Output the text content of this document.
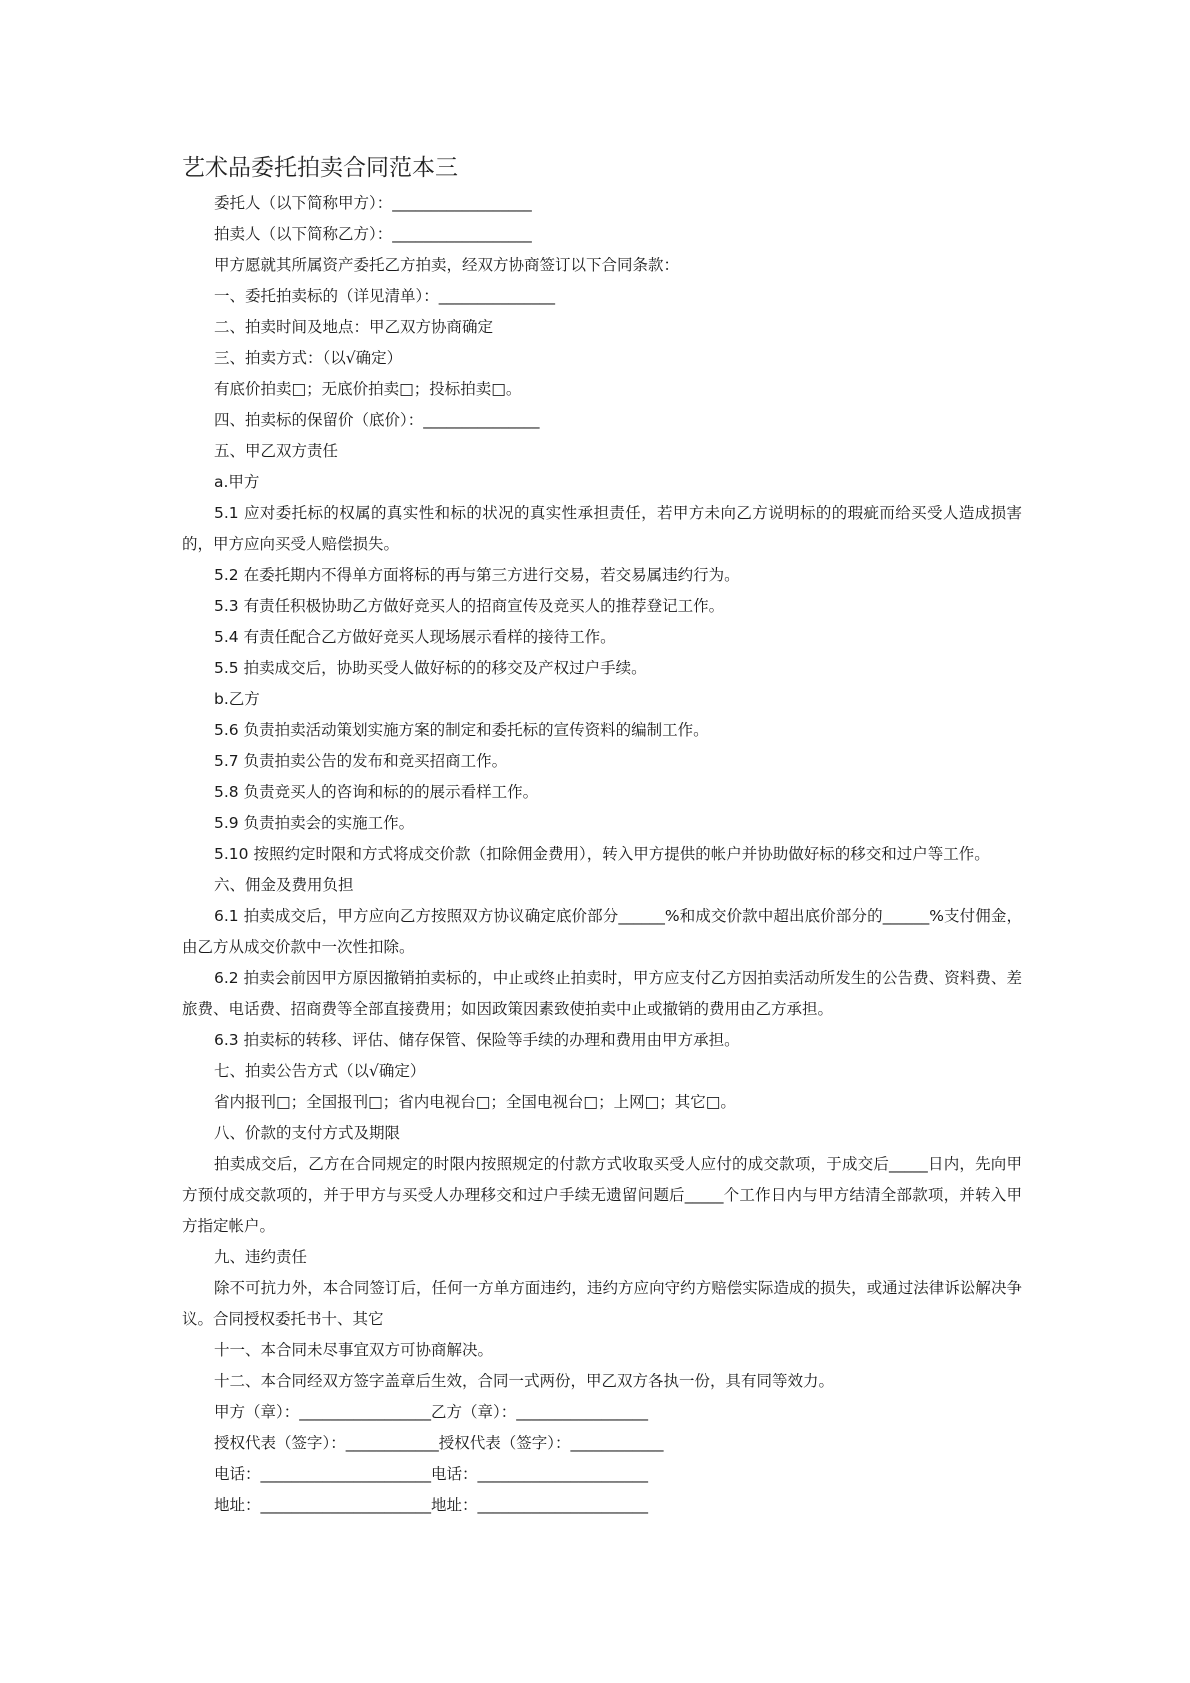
艺术品委托拍卖合同范本三

委托人（以下简称甲方）：__________________

拍卖人（以下简称乙方）：__________________

甲方愿就其所属资产委托乙方拍卖，经双方协商签订以下合同条款：

一、委托拍卖标的（详见清单）：_______________

二、拍卖时间及地点：甲乙双方协商确定

三、拍卖方式：（以√确定）

有底价拍卖□；无底价拍卖□；投标拍卖□。

四、拍卖标的保留价（底价）：_______________

五、甲乙双方责任

a.甲方

5.1 应对委托标的权属的真实性和标的状况的真实性承担责任，若甲方未向乙方说明标的的瑕疵而给买受人造成损害的，甲方应向买受人赔偿损失。

5.2 在委托期内不得单方面将标的再与第三方进行交易，若交易属违约行为。

5.3 有责任积极协助乙方做好竞买人的招商宣传及竞买人的推荐登记工作。

5.4 有责任配合乙方做好竞买人现场展示看样的接待工作。

5.5 拍卖成交后，协助买受人做好标的的移交及产权过户手续。

b.乙方

5.6 负责拍卖活动策划实施方案的制定和委托标的宣传资料的编制工作。

5.7 负责拍卖公告的发布和竞买招商工作。

5.8 负责竞买人的咨询和标的的展示看样工作。

5.9 负责拍卖会的实施工作。

5.10 按照约定时限和方式将成交价款（扣除佣金费用），转入甲方提供的帐户并协助做好标的移交和过户等工作。

六、佣金及费用负担

6.1 拍卖成交后，甲方应向乙方按照双方协议确定底价部分______%和成交价款中超出底价部分的______%支付佣金，由乙方从成交价款中一次性扣除。

6.2 拍卖会前因甲方原因撤销拍卖标的，中止或终止拍卖时，甲方应支付乙方因拍卖活动所发生的公告费、资料费、差旅费、电话费、招商费等全部直接费用；如因政策因素致使拍卖中止或撤销的费用由乙方承担。

6.3 拍卖标的转移、评估、储存保管、保险等手续的办理和费用由甲方承担。

七、拍卖公告方式（以√确定）

省内报刊□；全国报刊□；省内电视台□；全国电视台□；上网□；其它□。

八、价款的支付方式及期限

拍卖成交后，乙方在合同规定的时限内按照规定的付款方式收取买受人应付的成交款项，于成交后_____日内，先向甲方预付成交款项的，并于甲方与买受人办理移交和过户手续无遗留问题后_____个工作日内与甲方结清全部款项，并转入甲方指定帐户。

九、违约责任

除不可抗力外，本合同签订后，任何一方单方面违约，违约方应向守约方赔偿实际造成的损失，或通过法律诉讼解决争议。合同授权委托书十、其它

十一、本合同未尽事宜双方可协商解决。

十二、本合同经双方签字盖章后生效，合同一式两份，甲乙双方各执一份，具有同等效力。

甲方（章）：_________________乙方（章）：_________________

授权代表（签字）：____________授权代表（签字）：____________

电话：______________________电话：______________________

地址：______________________地址：______________________
